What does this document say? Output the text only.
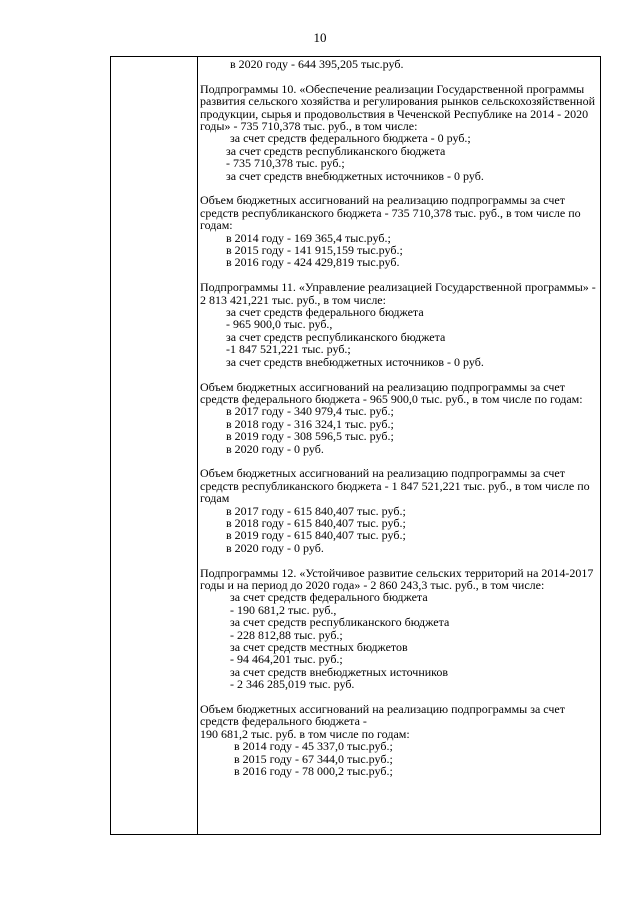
10

в 2020 году - 644 395,205 тыс.руб.

Подпрограммы 10. «Обеспечение реализации Государственной программы развития сельского хозяйства и регулирования рынков сельскохозяйственной продукции, сырья и продовольствия в Чеченской Республике на 2014 - 2020 годы» - 735 710,378 тыс. руб., в том числе:

за счет средств федерального бюджета - 0 руб.;

за счет средств республиканского бюджета

- 735 710,378 тыс. руб.;

за счет средств внебюджетных источников - 0 руб.

Объем бюджетных ассигнований на реализацию подпрограммы за счет средств республиканского бюджета - 735 710,378 тыс. руб., в том числе по годам:

в 2014 году - 169 365,4 тыс.руб.;

в 2015 году - 141 915,159 тыс.руб.;

в 2016 году - 424 429,819 тыс.руб.

Подпрограммы 11. «Управление реализацией Государственной программы» - 2 813 421,221 тыс. руб., в том числе:

за счет средств федерального бюджета

- 965 900,0 тыс. руб.,

за счет средств республиканского бюджета

-1 847 521,221 тыс. руб.;

за счет средств внебюджетных источников - 0 руб.

Объем бюджетных ассигнований на реализацию подпрограммы за счет средств федерального бюджета - 965 900,0 тыс. руб., в том числе по годам:

в 2017 году - 340 979,4 тыс. руб.;

в 2018 году - 316 324,1 тыс. руб.;

в 2019 году - 308 596,5 тыс. руб.;

в 2020 году - 0 руб.

Объем бюджетных ассигнований на реализацию подпрограммы за счет средств республиканского бюджета - 1 847 521,221 тыс. руб., в том числе по годам

в 2017 году - 615 840,407 тыс. руб.;

в 2018 году - 615 840,407 тыс. руб.;

в 2019 году - 615 840,407 тыс. руб.;

в 2020 году - 0 руб.

Подпрограммы 12. «Устойчивое развитие сельских территорий на 2014-2017 годы и на период до 2020 года» - 2 860 243,3 тыс. руб., в том числе:

за счет средств федерального бюджета

- 190 681,2 тыс. руб.,

за счет средств республиканского бюджета

- 228 812,88 тыс. руб.;

за счет средств местных бюджетов

- 94 464,201 тыс. руб.;

за счет средств внебюджетных источников

- 2 346 285,019 тыс. руб.

Объем бюджетных ассигнований на реализацию подпрограммы за счет средств федерального бюджета -

190 681,2 тыс. руб. в том числе по годам:

в 2014 году - 45 337,0 тыс.руб.;

в 2015 году - 67 344,0 тыс.руб.;

в 2016 году - 78 000,2 тыс.руб.;
